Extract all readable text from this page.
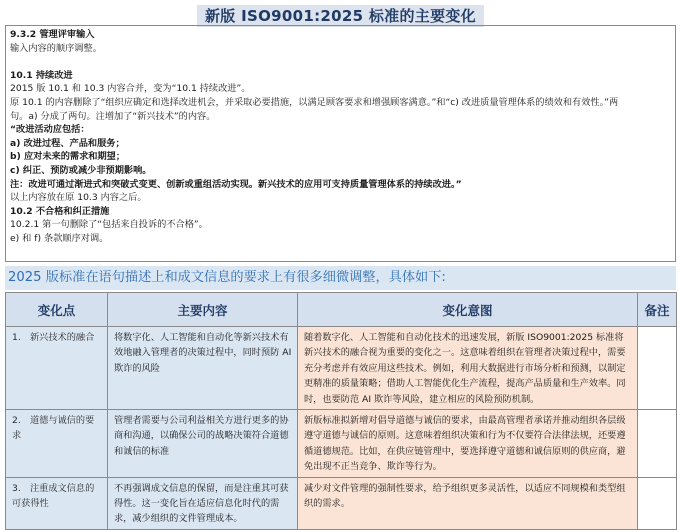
新版 ISO9001:2025 标准的主要变化
9.3.2 管理评审输入
输入内容的顺序调整。
10.1 持续改进
2015 版 10.1 和 10.3 内容合并，变为“10.1 持续改进”。
原 10.1 的内容删除了“组织应确定和选择改进机会，并采取必要措施，以满足顾客要求和增强顾客满意。”和“c) 改进质量管理体系的绩效和有效性。”两
句。a) 分成了两句。注增加了“新兴技术”的内容。
“改进活动应包括：
a) 改进过程、产品和服务；
b) 应对未来的需求和期望；
c) 纠正、预防或减少非预期影响。
注：改进可通过渐进式和突破式变更、创新或重组活动实现。新兴技术的应用可支持质量管理体系的持续改进。”
以上内容放在原 10.3 内容之后。
10.2 不合格和纠正措施
10.2.1 第一句删除了“包括来自投诉的不合格”。
e) 和 f) 条款顺序对调。
2025 版标准在语句描述上和成文信息的要求上有很多细微调整，具体如下:
变化点	主要内容	变化意图	备注
1. 新兴技术的融合	将数字化、人工智能和自动化等新兴技术有效地融入管理者的决策过程中，同时预防 AI 欺诈的风险	随着数字化、人工智能和自动化技术的迅速发展，新版 ISO9001:2025 标准将新兴技术的融合视为重要的变化之一。这意味着组织在管理者决策过程中，需要充分考虑并有效应用这些技术。例如，利用大数据进行市场分析和预测，以制定更精准的质量策略；借助人工智能优化生产流程，提高产品质量和生产效率。同时，也要防范 AI 欺诈等风险，建立相应的风险预防机制。	
2. 道德与诚信的要求	管理者需要与公司利益相关方进行更多的协商和沟通，以确保公司的战略决策符合道德和诚信的标准	新版标准拟新增对倡导道德与诚信的要求，由最高管理者承诺并推动组织各层级遵守道德与诚信的原则。这意味着组织决策和行为不仅要符合法律法规，还要遵循道德规范。比如，在供应链管理中，要选择遵守道德和诚信原则的供应商，避免出现不正当竞争、欺诈等行为。	
3. 注重成文信息的可获得性	不再强调成文信息的保留，而是注重其可获得性。这一变化旨在适应信息化时代的需求，减少组织的文件管理成本。	减少对文件管理的强制性要求，给予组织更多灵活性，以适应不同规模和类型组织的需求。	
